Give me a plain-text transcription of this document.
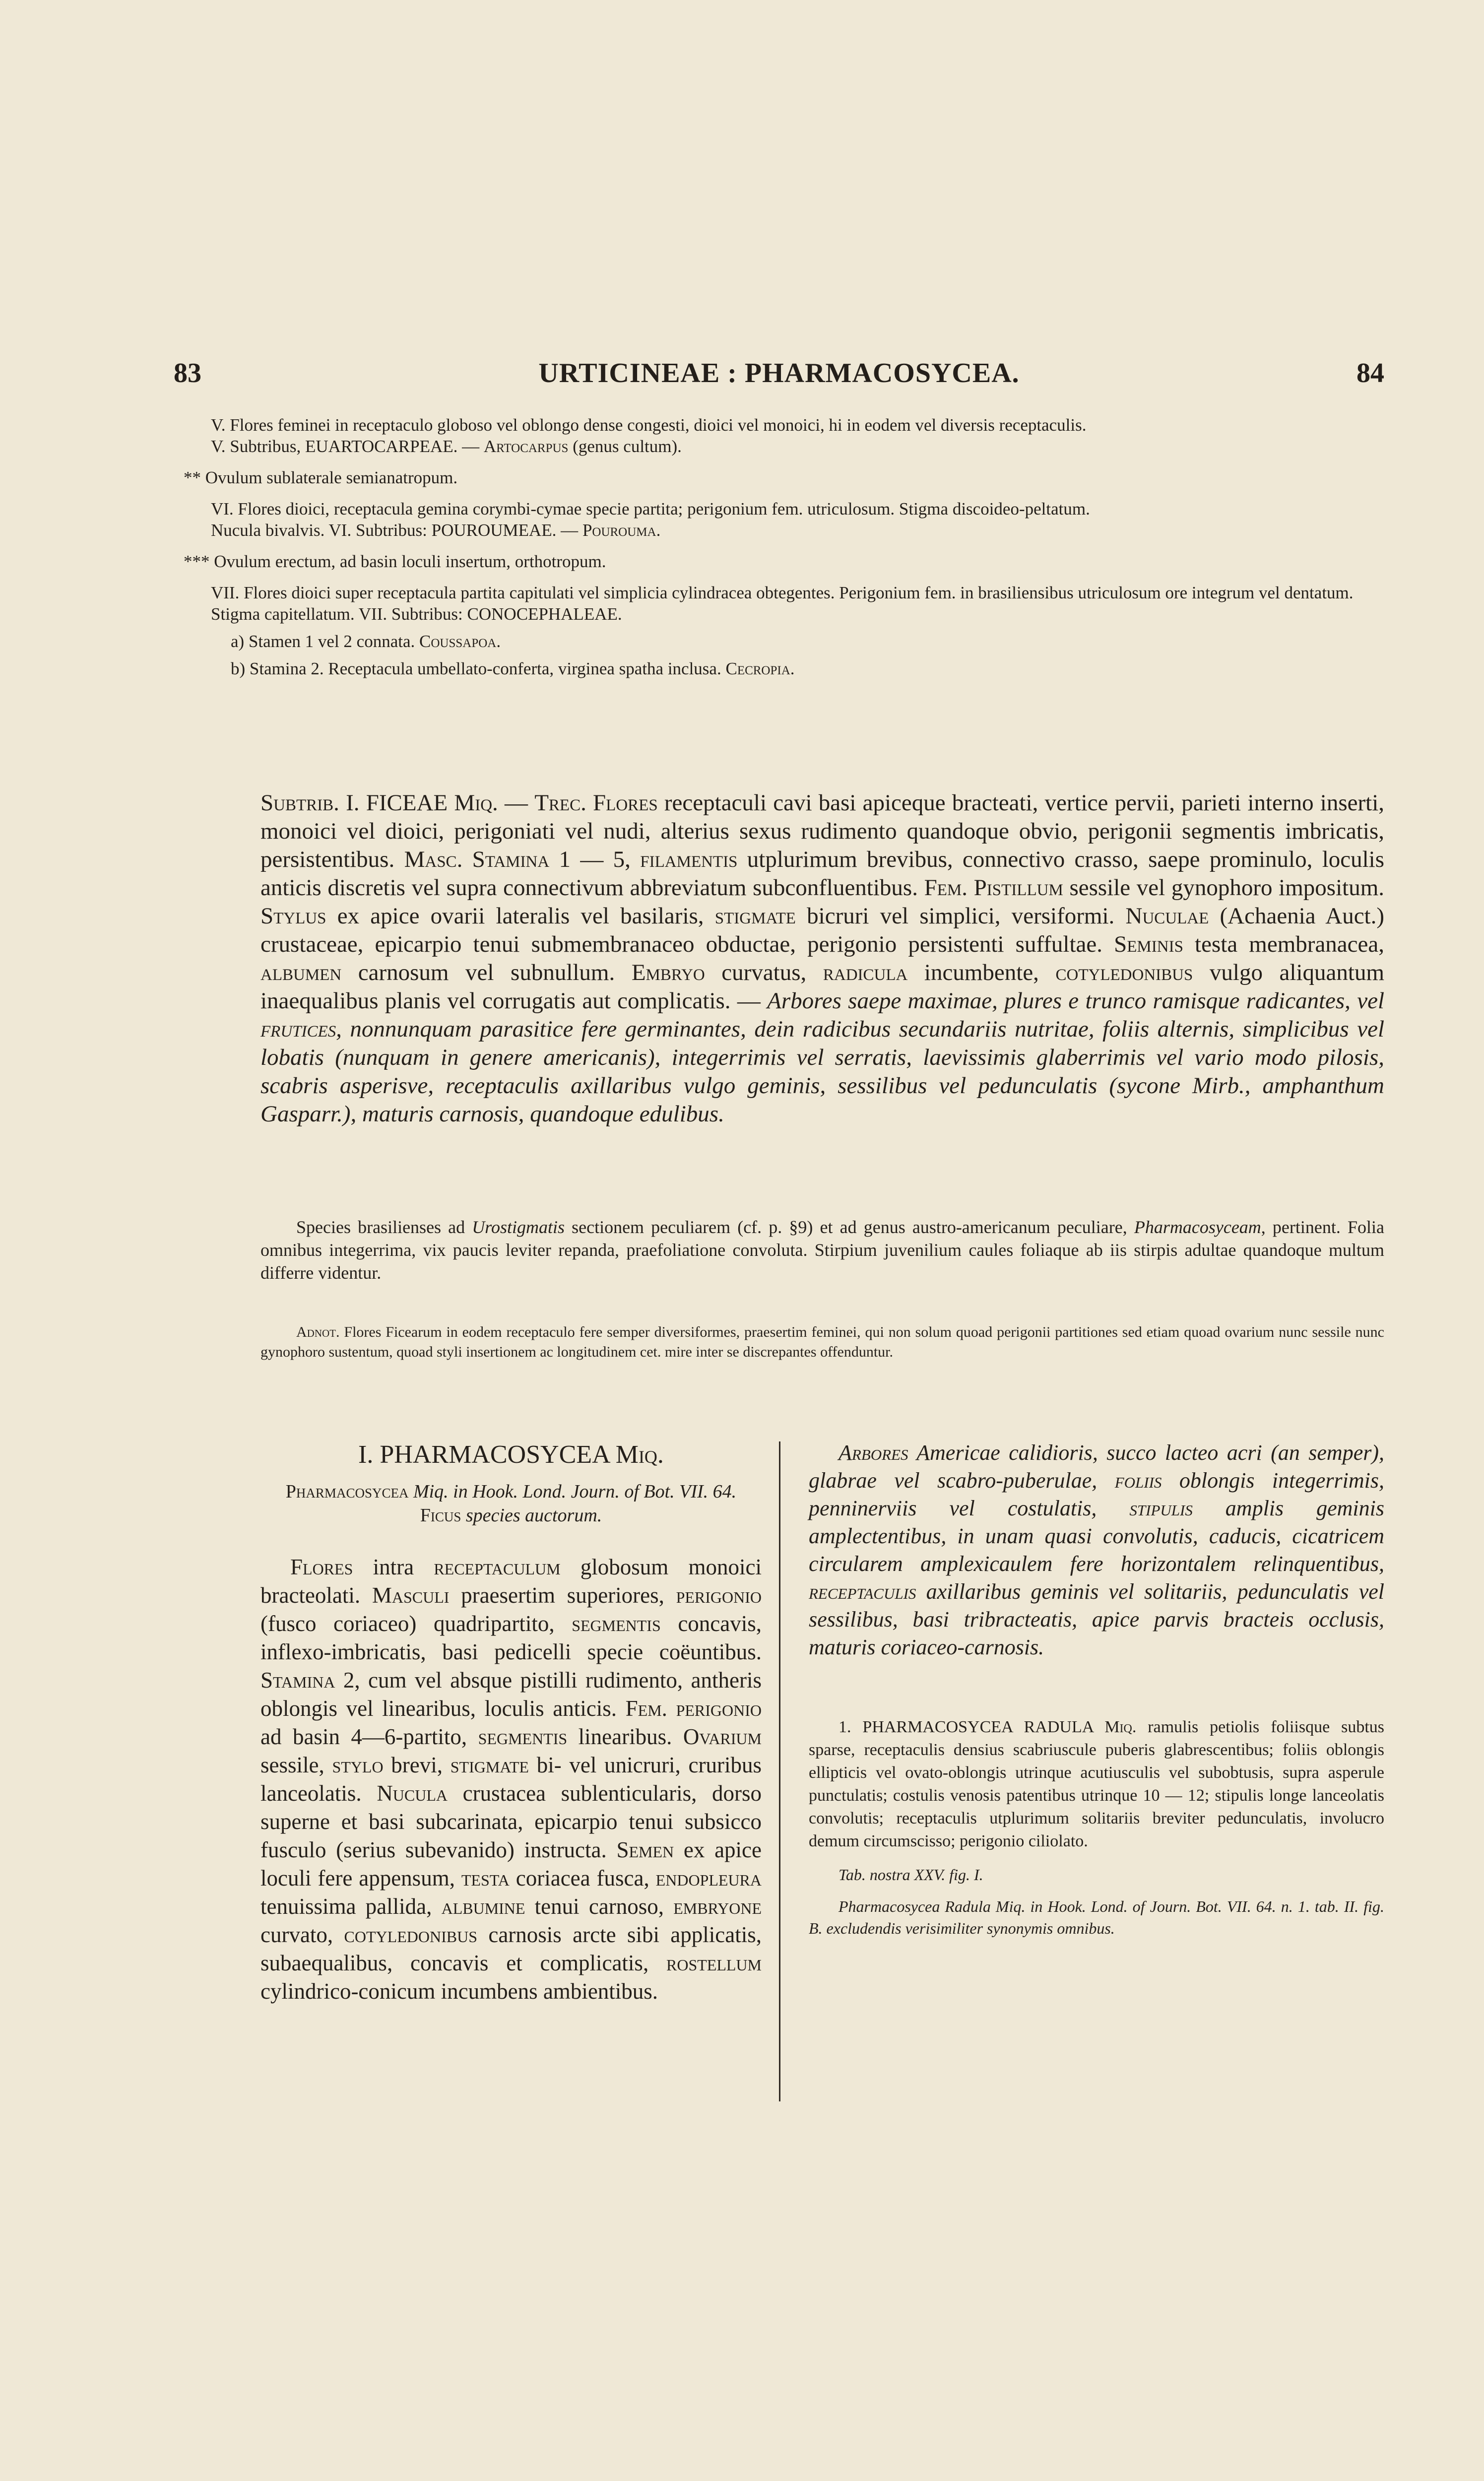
83	URTICINEAE : PHARMACOSYCEA.	84

V. Flores feminei in receptaculo globoso vel oblongo dense congesti, dioici vel monoici, hi in eodem vel diversis receptaculis.

V. Subtribus, EUARTOCARPEAE. — Artocarpus (genus cultum).

** Ovulum sublaterale semianatropum.

VI. Flores dioici, receptacula gemina corymbi-cymae specie partita; perigonium fem. utriculosum. Stigma discoideo-peltatum.

Nucula bivalvis. VI. Subtribus: POUROUMEAE. — Pourouma.

*** Ovulum erectum, ad basin loculi insertum, orthotropum.

VII. Flores dioici super receptacula partita capitulati vel simplicia cylindracea obtegentes. Perigonium fem. in brasiliensibus utriculosum ore integrum vel dentatum. Stigma capitellatum. VII. Subtribus: CONOCEPHALEAE.

a) Stamen 1 vel 2 connata. Coussapoa.

b) Stamina 2. Receptacula umbellato-conferta, virginea spatha inclusa. Cecropia.

Subtrib. I. FICEAE Miq. — Trec. Flores receptaculi cavi basi apiceque bracteati, vertice pervii, parieti interno inserti, monoici vel dioici, perigoniati vel nudi, alterius sexus rudimento quandoque obvio, perigonii segmentis imbricatis, persistentibus. Masc. Stamina 1 — 5, filamentis utplurimum brevibus, connectivo crasso, saepe prominulo, loculis anticis discretis vel supra connectivum abbreviatum subconfluentibus. Fem. Pistillum sessile vel gynophoro impositum. Stylus ex apice ovarii lateralis vel basilaris, stigmate bicruri vel simplici, versiformi. Nuculae (Achaenia Auct.) crustaceae, epicarpio tenui submembranaceo obductae, perigonio persistenti suffultae. Seminis testa membranacea, albumen carnosum vel subnullum. Embryo curvatus, radicula incumbente, cotyledonibus vulgo aliquantum inaequalibus planis vel corrugatis aut complicatis. — Arbores saepe maximae, plures e trunco ramisque radicantes, vel frutices, nonnunquam parasitice fere germinantes, dein radicibus secundariis nutritae, foliis alternis, simplicibus vel lobatis (nunquam in genere americanis), integerrimis vel serratis, laevissimis glaberrimis vel vario modo pilosis, scabris asperisve, receptaculis axillaribus vulgo geminis, sessilibus vel pedunculatis (sycone Mirb., amphanthum Gasparr.), maturis carnosis, quandoque edulibus.

Species brasilienses ad Urostigmatis sectionem peculiarem (cf. p. §9) et ad genus austro-americanum peculiare, Pharmacosyceam, pertinent. Folia omnibus integerrima, vix paucis leviter repanda, praefoliatione convoluta. Stirpium juvenilium caules foliaque ab iis stirpis adultae quandoque multum differre videntur.

Adnot. Flores Ficearum in eodem receptaculo fere semper diversiformes, praesertim feminei, qui non solum quoad perigonii partitiones sed etiam quoad ovarium nunc sessile nunc gynophoro sustentum, quoad styli insertionem ac longitudinem cet. mire inter se discrepantes offenduntur.

I. PHARMACOSYCEA Miq.

Pharmacosycea Miq. in Hook. Lond. Journ. of Bot. VII. 64.

Ficus species auctorum.

Flores intra receptaculum globosum monoici bracteolati. Masculi praesertim superiores, perigonio (fusco coriaceo) quadripartito, segmentis concavis, inflexo-imbricatis, basi pedicelli specie coëuntibus. Stamina 2, cum vel absque pistilli rudimento, antheris oblongis vel linearibus, loculis anticis. Fem. perigonio ad basin 4—6-partito, segmentis linearibus. Ovarium sessile, stylo brevi, stigmate bi- vel unicruri, cruribus lanceolatis. Nucula crustacea sublenticularis, dorso superne et basi subcarinata, epicarpio tenui subsicco fusculo (serius subevanido) instructa. Semen ex apice loculi fere appensum, testa coriacea fusca, endopleura tenuissima pallida, albumine tenui carnoso, embryone curvato, cotyledonibus carnosis arcte sibi applicatis, subaequalibus, concavis et complicatis, rostellum cylindrico-conicum incumbens ambientibus.

Arbores Americae calidioris, succo lacteo acri (an semper), glabrae vel scabro-puberulae, foliis oblongis integerrimis, penninerviis vel costulatis, stipulis amplis geminis amplectentibus, in unam quasi convolutis, caducis, cicatricem circularem amplexicaulem fere horizontalem relinquentibus, receptaculis axillaribus geminis vel solitariis, pedunculatis vel sessilibus, basi tribracteatis, apice parvis bracteis occlusis, maturis coriaceo-carnosis.

1. PHARMACOSYCEA RADULA Miq. ramulis petiolis foliisque subtus sparse, receptaculis densius scabriuscule puberis glabrescentibus; foliis oblongis ellipticis vel ovato-oblongis utrinque acutiusculis vel subobtusis, supra asperule punctulatis; costulis venosis patentibus utrinque 10 — 12; stipulis longe lanceolatis convolutis; receptaculis utplurimum solitariis breviter pedunculatis, involucro demum circumscisso; perigonio ciliolato.

Tab. nostra XXV. fig. I.

Pharmacosycea Radula Miq. in Hook. Lond. of Journ. Bot. VII. 64. n. 1. tab. II. fig. B. excludendis verisimiliter synonymis omnibus.
